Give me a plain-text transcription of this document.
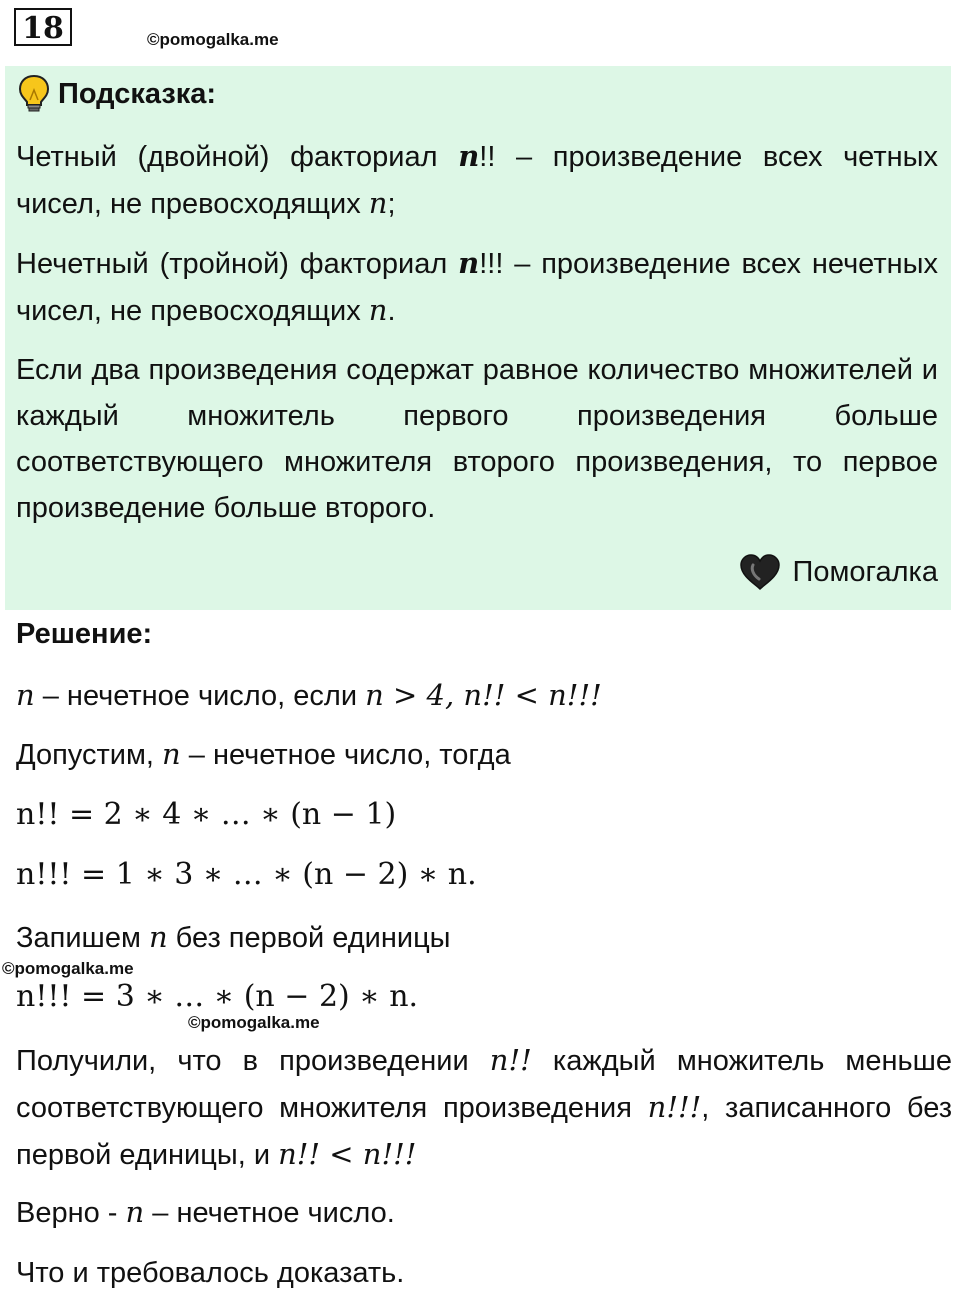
18	©pomogalka.me
Подсказка:

Четный (двойной) факториал n!! – произведение всех четных чисел, не превосходящих n;

Нечетный (тройной) факториал n!!! – произведение всех нечетных чисел, не превосходящих n.

Если два произведения содержат равное количество множителей и каждый множитель первого произведения больше соответствующего множителя второго произведения, то первое произведение больше второго.

Помогалка

Решение:

n – нечетное число, если n > 4, n!! < n!!!

Допустим, n – нечетное число, тогда

n!! = 2 ∗ 4 ∗ … ∗ (n − 1)

n!!! = 1 ∗ 3 ∗ … ∗ (n − 2) ∗ n.

Запишем n без первой единицы

©pomogalka.me

n!!! = 3 ∗ … ∗ (n − 2) ∗ n.

©pomogalka.me

Получили, что в произведении n!! каждый множитель меньше соответствующего множителя произведения n!!!, записанного без первой единицы, и n!! < n!!!

Верно - n – нечетное число.

Что и требовалось доказать.
